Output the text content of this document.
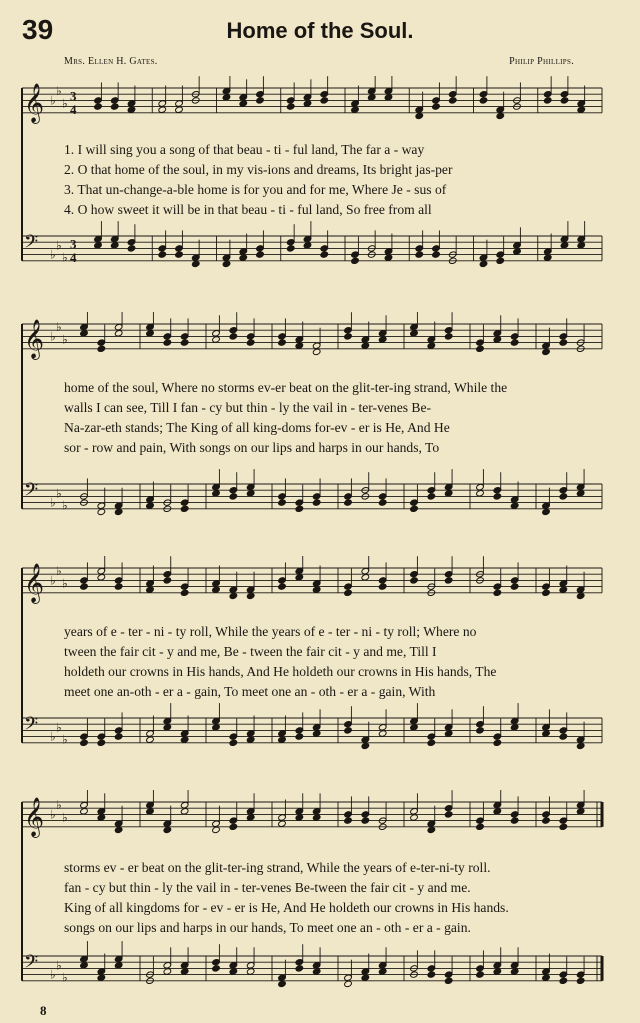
39	Home of the Soul.
Mrs. Ellen H. Gates.	Philip Phillips.
𝄞 ♭
♭
♭
3
4
𝄢 ♭
♭
♭
3
4
1. I will sing you a song of that beau - ti - ful land, The far a - way
2. O that home of the soul, in my vis-ions and dreams, Its bright jas-per
3. That un-change-a-ble home is for you and for me, Where Je - sus of
4. O how sweet it will be in that beau - ti - ful land, So free from all
𝄞 ♭
♭
♭
𝄢 ♭
♭
♭
home of the soul, Where no storms ev-er beat on the glit-ter-ing strand, While the
walls I can see, Till I fan - cy but thin - ly the vail in - ter-venes Be-
Na-zar-eth stands; The King of all king-doms for-ev - er is He, And He
sor - row and pain, With songs on our lips and harps in our hands, To
𝄞 ♭
♭
♭
𝄢 ♭
♭
♭
years of e - ter - ni - ty roll, While the years of e - ter - ni - ty roll; Where no
tween the fair cit - y and me, Be - tween the fair cit - y and me, Till I
holdeth our crowns in His hands, And He holdeth our crowns in His hands, The
meet one an-oth - er a - gain, To meet one an - oth - er a - gain, With
𝄞 ♭
♭
♭
𝄢 ♭
♭
♭
storms ev - er beat on the glit-ter-ing strand, While the years of e-ter-ni-ty roll.
fan - cy but thin - ly the vail in - ter-venes Be-tween the fair cit - y and me.
King of all kingdoms for - ev - er is He, And He holdeth our crowns in His hands.
songs on our lips and harps in our hands, To meet one an - oth - er a - gain.
8
